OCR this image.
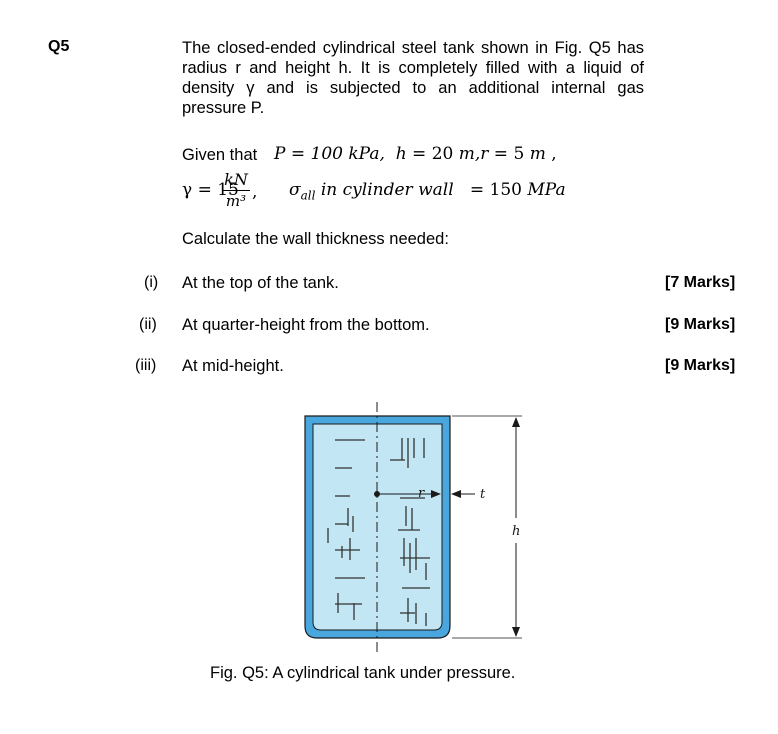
Q5	The closed-ended cylindrical steel tank shown in Fig. Q5 has radius r and height h. It is completely filled with a liquid of density γ and is subjected to an additional internal gas pressure P.

Given that P = 100 kPa, h = 20 m,r = 5 m ,
γ = 15
$\frac{kN}{\text{m³}}$ , $\sigma_{all}$ in cylinder wall   = 150 MPa
Calculate the wall thickness needed:
(i) At the top of the tank.	[7 Marks]
(ii) At quarter-height from the bottom.	[9 Marks]
(iii) At mid-height.	[9 Marks]
r	t
h
Fig. Q5: A cylindrical tank under pressure.
